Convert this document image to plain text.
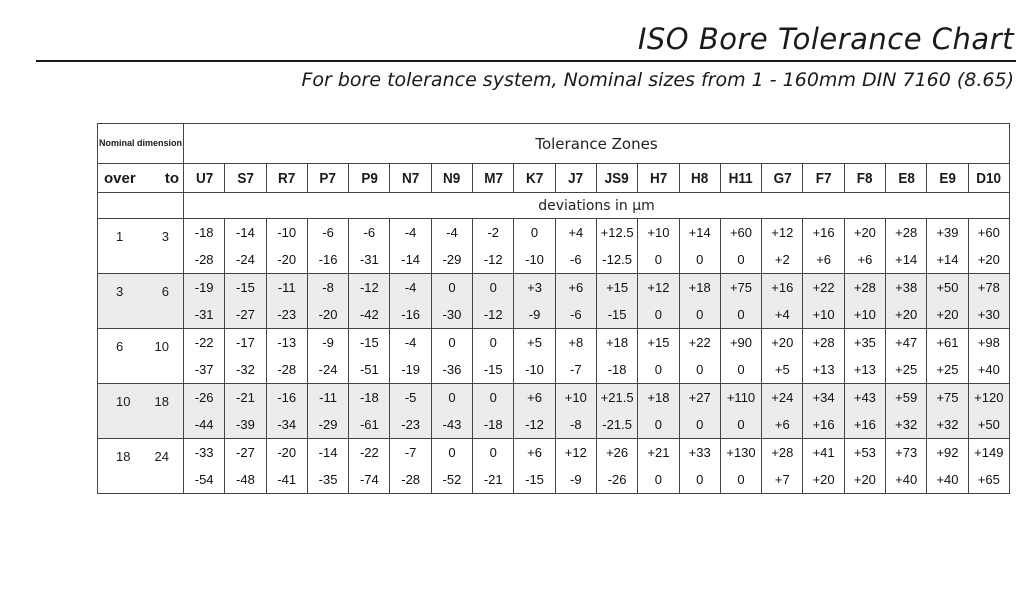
ISO Bore Tolerance Chart
For bore tolerance system, Nominal sizes from 1 - 160mm DIN 7160 (8.65)
Nominal dimension	Tolerance Zones																			

over to	U7	S7	R7	P7	P9	N7	N9	M7	K7	J7	JS9	H7	H8	H11	G7	F7	F8	E8	E9	D10
	deviations in μm																			

1 3	-18	-14	-10	-6	-6	-4	-4	-2	0	+4	+12.5	+10	+14	+60	+12	+16	+20	+28	+39	+60
	-28	-24	-20	-16	-31	-14	-29	-12	-10	-6	-12.5	0	0	0	+2	+6	+6	+14	+14	+20

3 6	-19	-15	-11	-8	-12	-4	0	0	+3	+6	+15	+12	+18	+75	+16	+22	+28	+38	+50	+78
	-31	-27	-23	-20	-42	-16	-30	-12	-9	-6	-15	0	0	0	+4	+10	+10	+20	+20	+30

6 10	-22	-17	-13	-9	-15	-4	0	0	+5	+8	+18	+15	+22	+90	+20	+28	+35	+47	+61	+98
	-37	-32	-28	-24	-51	-19	-36	-15	-10	-7	-18	0	0	0	+5	+13	+13	+25	+25	+40

10 18	-26	-21	-16	-11	-18	-5	0	0	+6	+10	+21.5	+18	+27	+110	+24	+34	+43	+59	+75	+120
	-44	-39	-34	-29	-61	-23	-43	-18	-12	-8	-21.5	0	0	0	+6	+16	+16	+32	+32	+50

18 24	-33	-27	-20	-14	-22	-7	0	0	+6	+12	+26	+21	+33	+130	+28	+41	+53	+73	+92	+149
	-54	-48	-41	-35	-74	-28	-52	-21	-15	-9	-26	0	0	0	+7	+20	+20	+40	+40	+65
